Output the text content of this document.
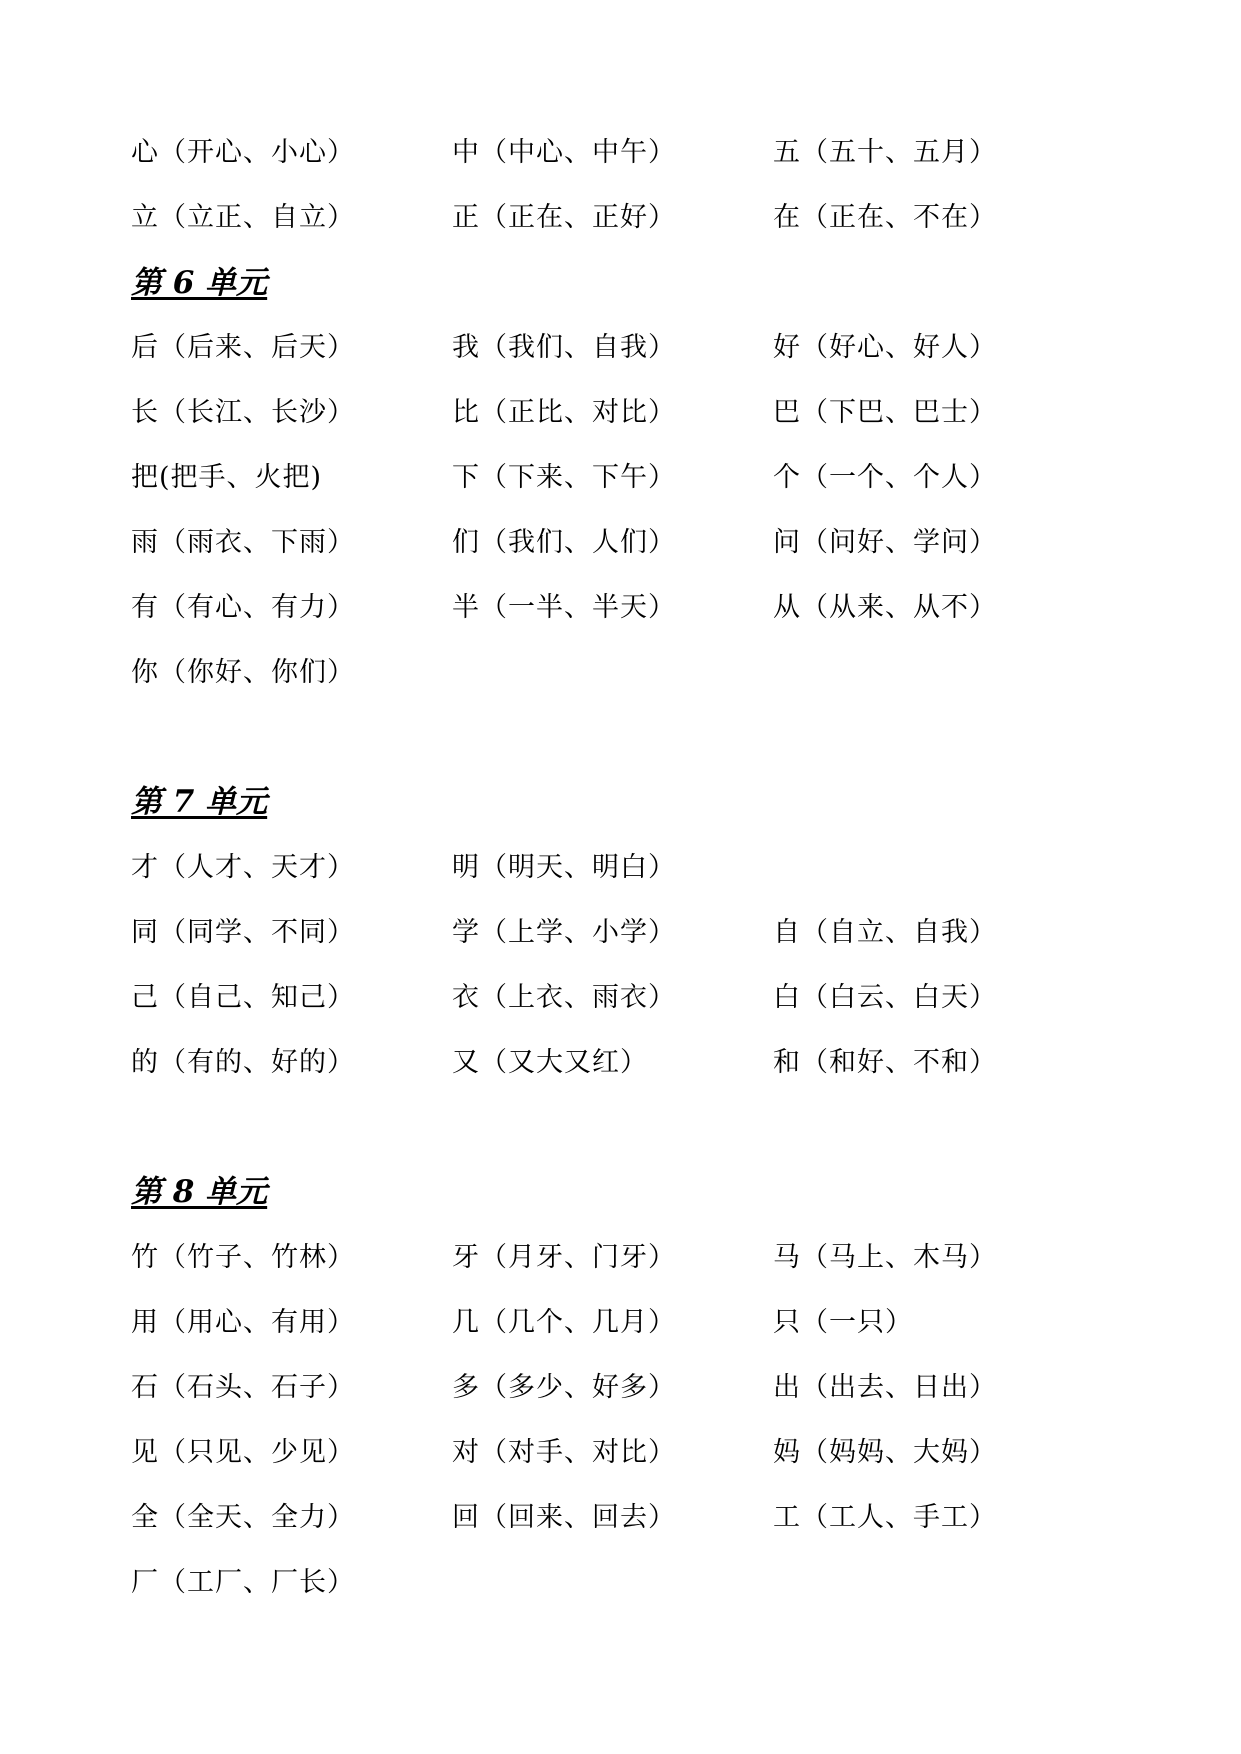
心（开心、小心）	中（中心、中午）	五（五十、五月）
立（立正、自立）	正（正在、正好）	在（正在、不在）
第 6 单元
后（后来、后天）	我（我们、自我）	好（好心、好人）
长（长江、长沙）	比（正比、对比）	巴（下巴、巴士）
把(把手、火把)	下（下来、下午）	个（一个、个人）
雨（雨衣、下雨）	们（我们、人们）	问（问好、学问）
有（有心、有力）	半（一半、半天）	从（从来、从不）
你（你好、你们）
第 7 单元
才（人才、天才）	明（明天、明白）
同（同学、不同）	学（上学、小学）	自（自立、自我）
己（自己、知己）	衣（上衣、雨衣）	白（白云、白天）
的（有的、好的）	又（又大又红）	和（和好、不和）
第 8 单元
竹（竹子、竹林）	牙（月牙、门牙）	马（马上、木马）
用（用心、有用）	几（几个、几月）	只（一只）
石（石头、石子）	多（多少、好多）	出（出去、日出）
见（只见、少见）	对（对手、对比）	妈（妈妈、大妈）
全（全天、全力）	回（回来、回去）	工（工人、手工）
厂（工厂、厂长）
